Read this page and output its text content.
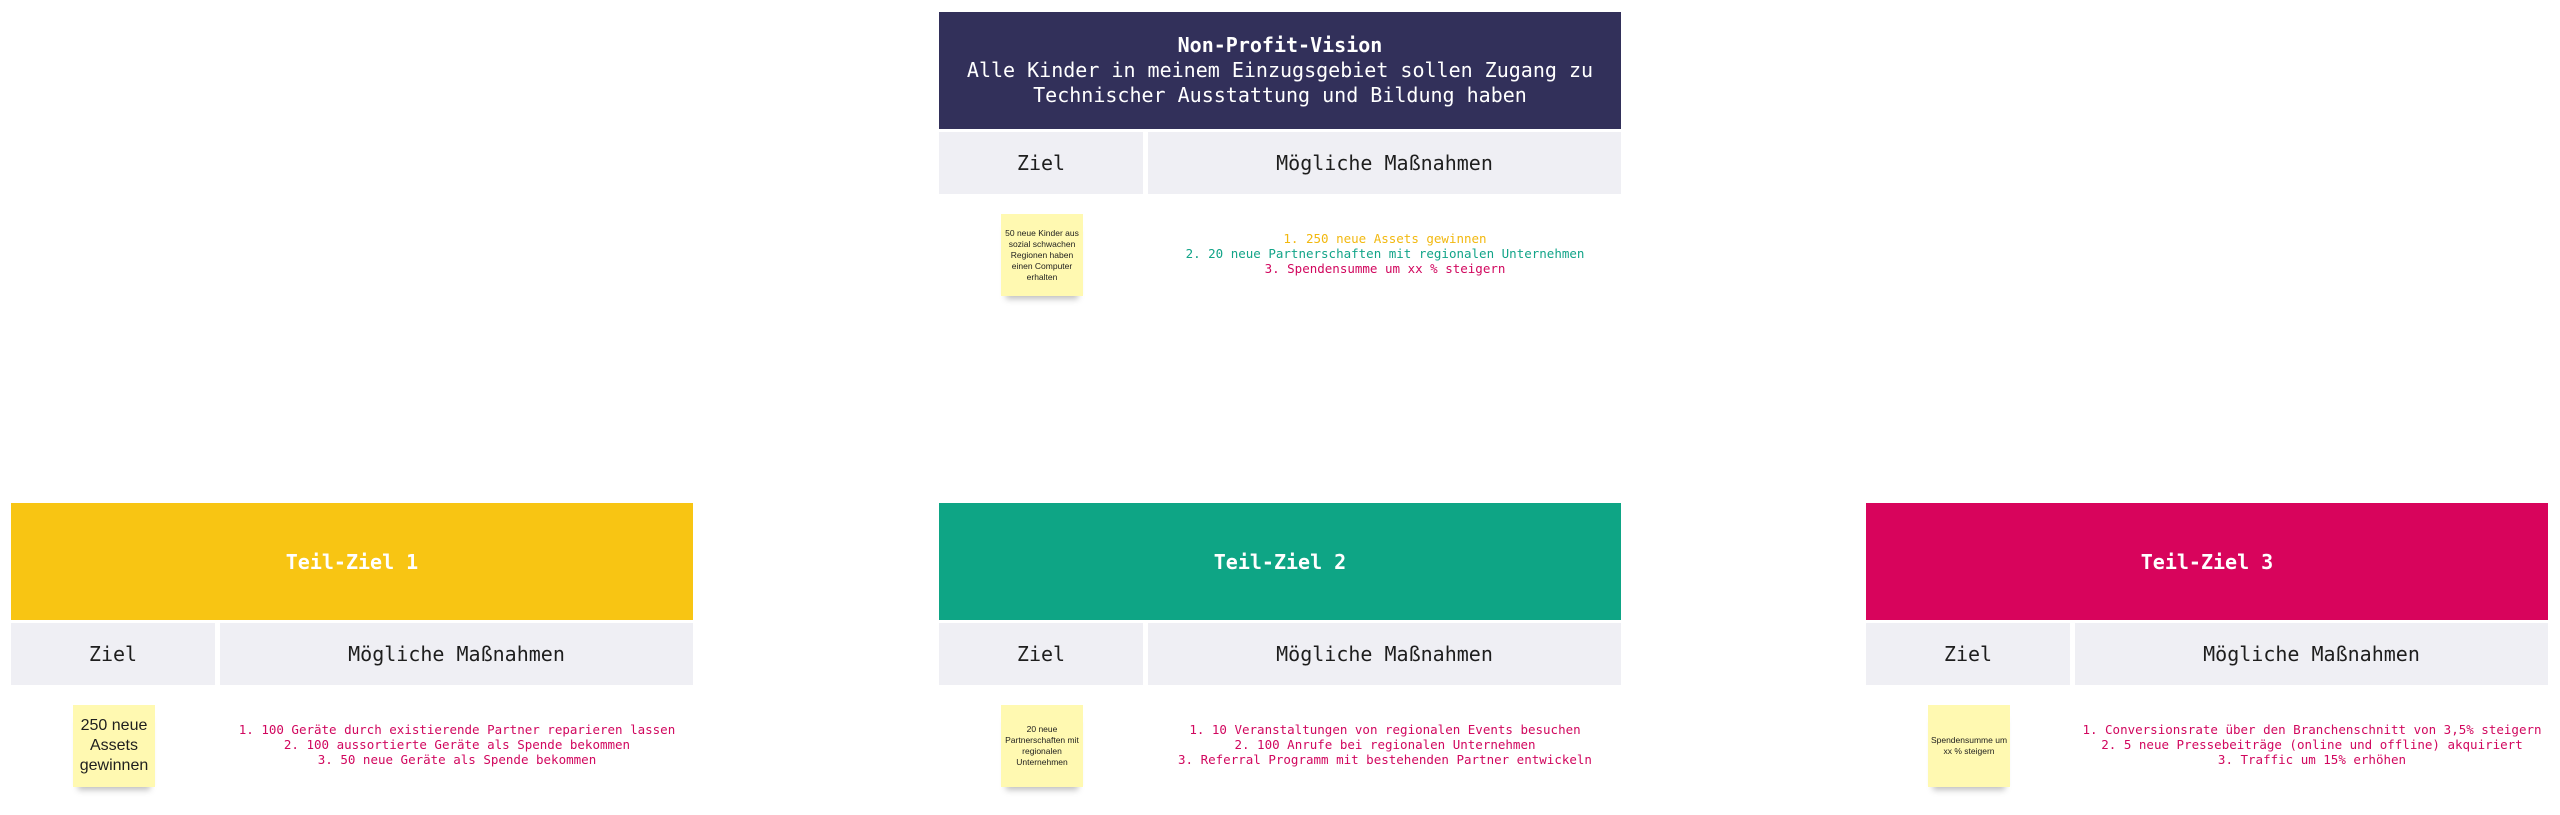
Non-Profit-Vision
Alle Kinder in meinem Einzugsgebiet sollen Zugang zu
Technischer Ausstattung und Bildung haben
Ziel	Mögliche Maßnahmen
50 neue Kinder aus sozial schwachen Regionen haben einen Computer erhalten
1. 250 neue Assets gewinnen
2. 20 neue Partnerschaften mit regionalen Unternehmen
3. Spendensumme um xx % steigern
Teil-Ziel 1
Ziel	Mögliche Maßnahmen
250 neue Assets gewinnen
1. 100 Geräte durch existierende Partner reparieren lassen
2. 100 aussortierte Geräte als Spende bekommen
3. 50 neue Geräte als Spende bekommen
Teil-Ziel 2
Ziel	Mögliche Maßnahmen
20 neue Partnerschaften mit regionalen Unternehmen
1. 10 Veranstaltungen von regionalen Events besuchen
2. 100 Anrufe bei regionalen Unternehmen
3. Referral Programm mit bestehenden Partner entwickeln
Teil-Ziel 3
Ziel	Mögliche Maßnahmen
Spendensumme um xx % steigern
1. Conversionsrate über den Branchenschnitt von 3,5% steigern
2. 5 neue Pressebeiträge (online und offline) akquiriert
3. Traffic um 15% erhöhen
